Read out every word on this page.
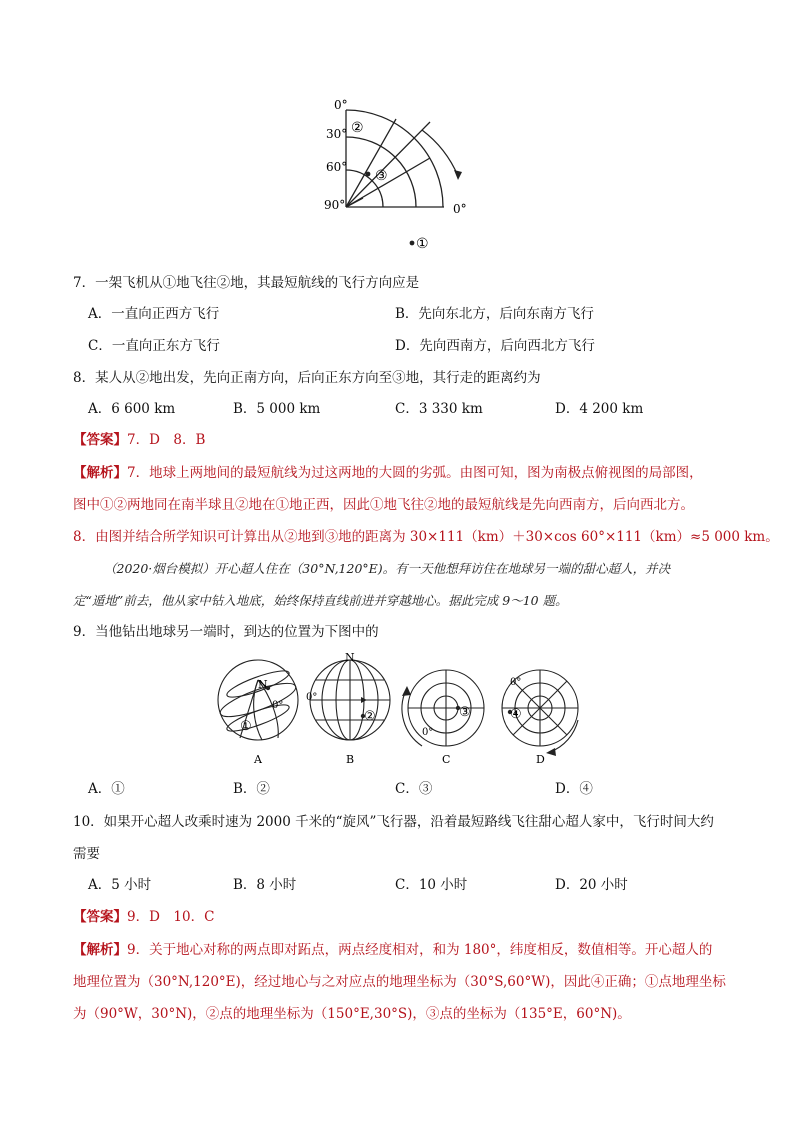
0°
30°
60°
90°	0°
②
③
①
7．一架飞机从①地飞往②地，其最短航线的飞行方向应是
A．一直向正西方飞行	B．先向东北方，后向东南方飞行
C．一直向正东方飞行	D．先向西南方，后向西北方飞行
8．某人从②地出发，先向正南方向，后向正东方向至③地，其行走的距离约为
A．6 600 km	B．5 000 km	C．3 330 km	D．4 200 km
【答案】7．D　8．B
【解析】7．地球上两地间的最短航线为过这两地的大圆的劣弧。由图可知，图为南极点俯视图的局部图，
图中①②两地同在南半球且②地在①地正西，因此①地飞往②地的最短航线是先向西南方，后向西北方。
8．由图并结合所学知识可计算出从②地到③地的距离为 30×111（km）＋30×cos 60°×111（km）≈5 000 km。
（2020·烟台模拟）开心超人住在（30°N,120°E)。有一天他想拜访住在地球另一端的甜心超人，并决
定“遁地”前去，他从家中钻入地底，始终保持直线前进并穿越地心。据此完成 9～10 题。
9．当他钻出地球另一端时，到达的位置为下图中的
N
0°
①
N
0°
②
0°
③
0°
④
A	B	C	D
A．①	B．②	C．③	D．④
10．如果开心超人改乘时速为 2000 千米的“旋风”飞行器，沿着最短路线飞往甜心超人家中，飞行时间大约
需要
A．5 小时	B．8 小时	C．10 小时	D．20 小时
【答案】9．D　10．C
【解析】9．关于地心对称的两点即对跖点，两点经度相对，和为 180°，纬度相反，数值相等。开心超人的
地理位置为（30°N,120°E)，经过地心与之对应点的地理坐标为（30°S,60°W)，因此④正确；①点地理坐标
为（90°W，30°N)，②点的地理坐标为（150°E,30°S)，③点的坐标为（135°E，60°N)。
